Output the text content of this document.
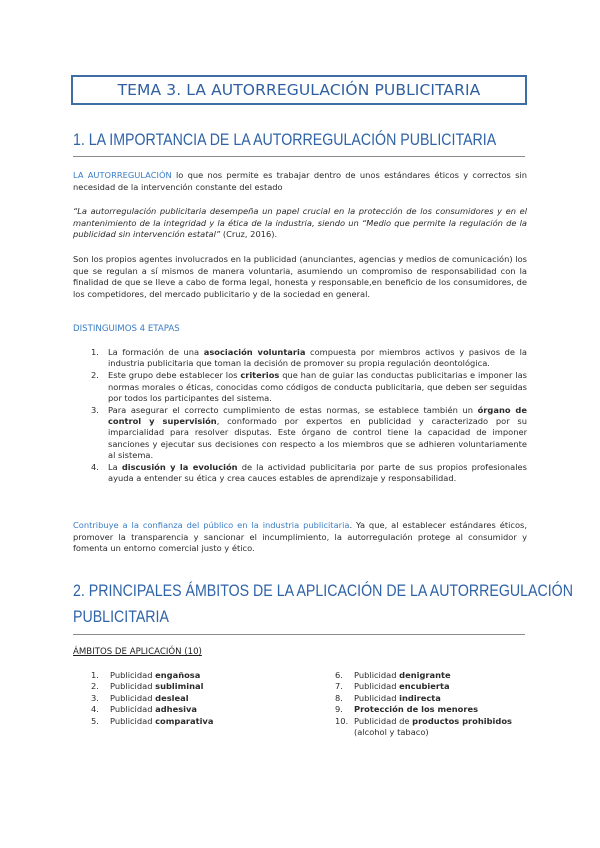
TEMA 3. LA AUTORREGULACIÓN PUBLICITARIA
1. LA IMPORTANCIA DE LA AUTORREGULACIÓN PUBLICITARIA

LA AUTORREGULACIÓN lo que nos permite es trabajar dentro de unos estándares éticos y correctos sin necesidad de la intervención constante del estado

“La autorregulación publicitaria desempeña un papel crucial en la protección de los consumidores y en el mantenimiento de la integridad y la ética de la industria, siendo un “Medio que permite la regulación de la publicidad sin intervención estatal” (Cruz, 2016).

Son los propios agentes involucrados en la publicidad (anunciantes, agencias y medios de comunicación) los que se regulan a sí mismos de manera voluntaria, asumiendo un compromiso de responsabilidad con la finalidad de que se lleve a cabo de forma legal, honesta y responsable,en beneficio de los consumidores, de los competidores, del mercado publicitario y de la sociedad en general.

DISTINGUIMOS 4 ETAPAS
1. La formación de una asociación voluntaria compuesta por miembros activos y pasivos de la industria publicitaria que toman la decisión de promover su propia regulación deontológica.
2. Este grupo debe establecer los criterios que han de guiar las conductas publicitarias e imponer las normas morales o éticas, conocidas como códigos de conducta publicitaria, que deben ser seguidas por todos los participantes del sistema.
3. Para asegurar el correcto cumplimiento de estas normas, se establece también un órgano de control y supervisión, conformado por expertos en publicidad y caracterizado por su imparcialidad para resolver disputas. Este órgano de control tiene la capacidad de imponer sanciones y ejecutar sus decisiones con respecto a los miembros que se adhieren voluntariamente al sistema.
4. La discusión y la evolución de la actividad publicitaria por parte de sus propios profesionales ayuda a entender su ética y crea cauces estables de aprendizaje y responsabilidad.

Contribuye a la confianza del público en la industria publicitaria. Ya que, al establecer estándares éticos, promover la transparencia y sancionar el incumplimiento, la autorregulación protege al consumidor y fomenta un entorno comercial justo y ético.

2. PRINCIPALES ÁMBITOS DE LA APLICACIÓN DE LA AUTORREGULACIÓN
PUBLICITARIA
ÁMBITOS DE APLICACIÓN (10)
1. Publicidad engañosa
2. Publicidad subliminal
3. Publicidad desleal
4. Publicidad adhesiva
5. Publicidad comparativa
6. Publicidad denigrante
7. Publicidad encubierta
8. Publicidad indirecta
9. Protección de los menores
10. Publicidad de productos prohibidos
(alcohol y tabaco)
